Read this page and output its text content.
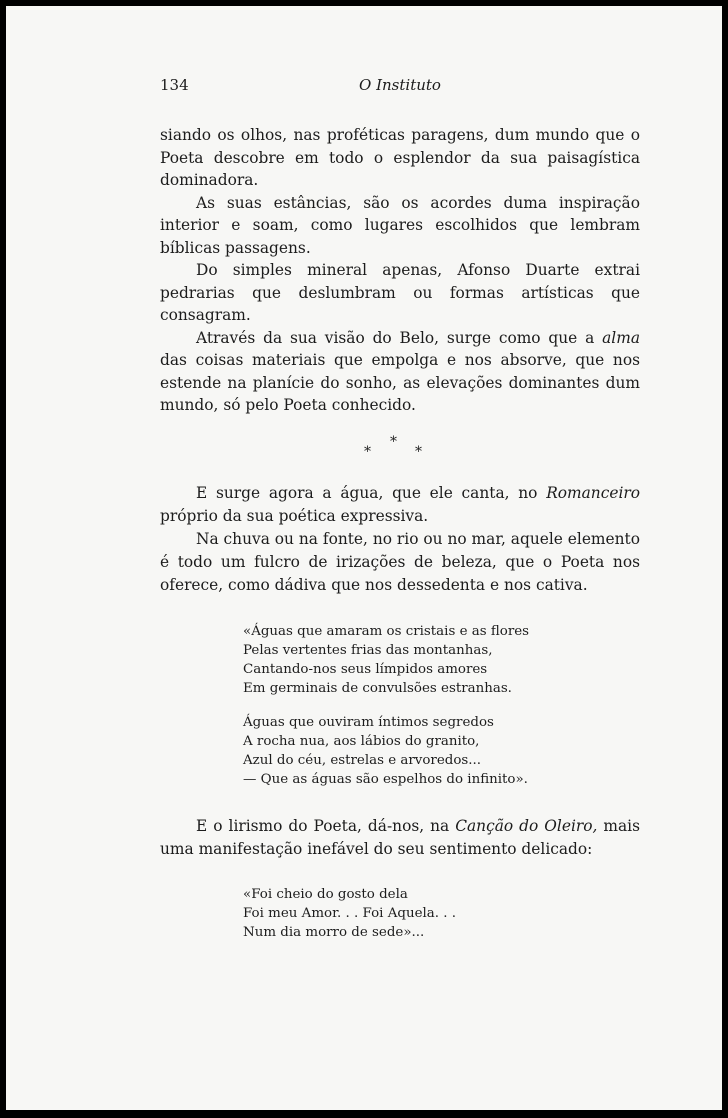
134	O Instituto

siando os olhos, nas proféticas paragens, dum mundo que o Poeta descobre em todo o esplendor da sua paisagística dominadora.

As suas estâncias, são os acordes duma inspiração interior e soam, como lugares escolhidos que lembram bíblicas passagens.

Do simples mineral apenas, Afonso Duarte extrai pedrarias que deslumbram ou formas artísticas que consagram.

Através da sua visão do Belo, surge como que a alma das coisas materiais que empolga e nos absorve, que nos estende na planície do sonho, as elevações dominantes dum mundo, só pelo Poeta conhecido.

*
*	*

E surge agora a água, que ele canta, no Romanceiro próprio da sua poética expressiva.

Na chuva ou na fonte, no rio ou no mar, aquele elemento é todo um fulcro de irizações de beleza, que o Poeta nos oferece, como dádiva que nos dessedenta e nos cativa.

«Águas que amaram os cristais e as flores
Pelas vertentes frias das montanhas,
Cantando-nos seus límpidos amores
Em germinais de convulsões estranhas.
Águas que ouviram íntimos segredos
A rocha nua, aos lábios do granito,
Azul do céu, estrelas e arvoredos...
— Que as águas são espelhos do infinito».

E o lirismo do Poeta, dá-nos, na Canção do Oleiro, mais uma manifestação inefável do seu sentimento delicado:

«Foi cheio do gosto dela
Foi meu Amor. . . Foi Aquela. . .
Num dia morro de sede»...
